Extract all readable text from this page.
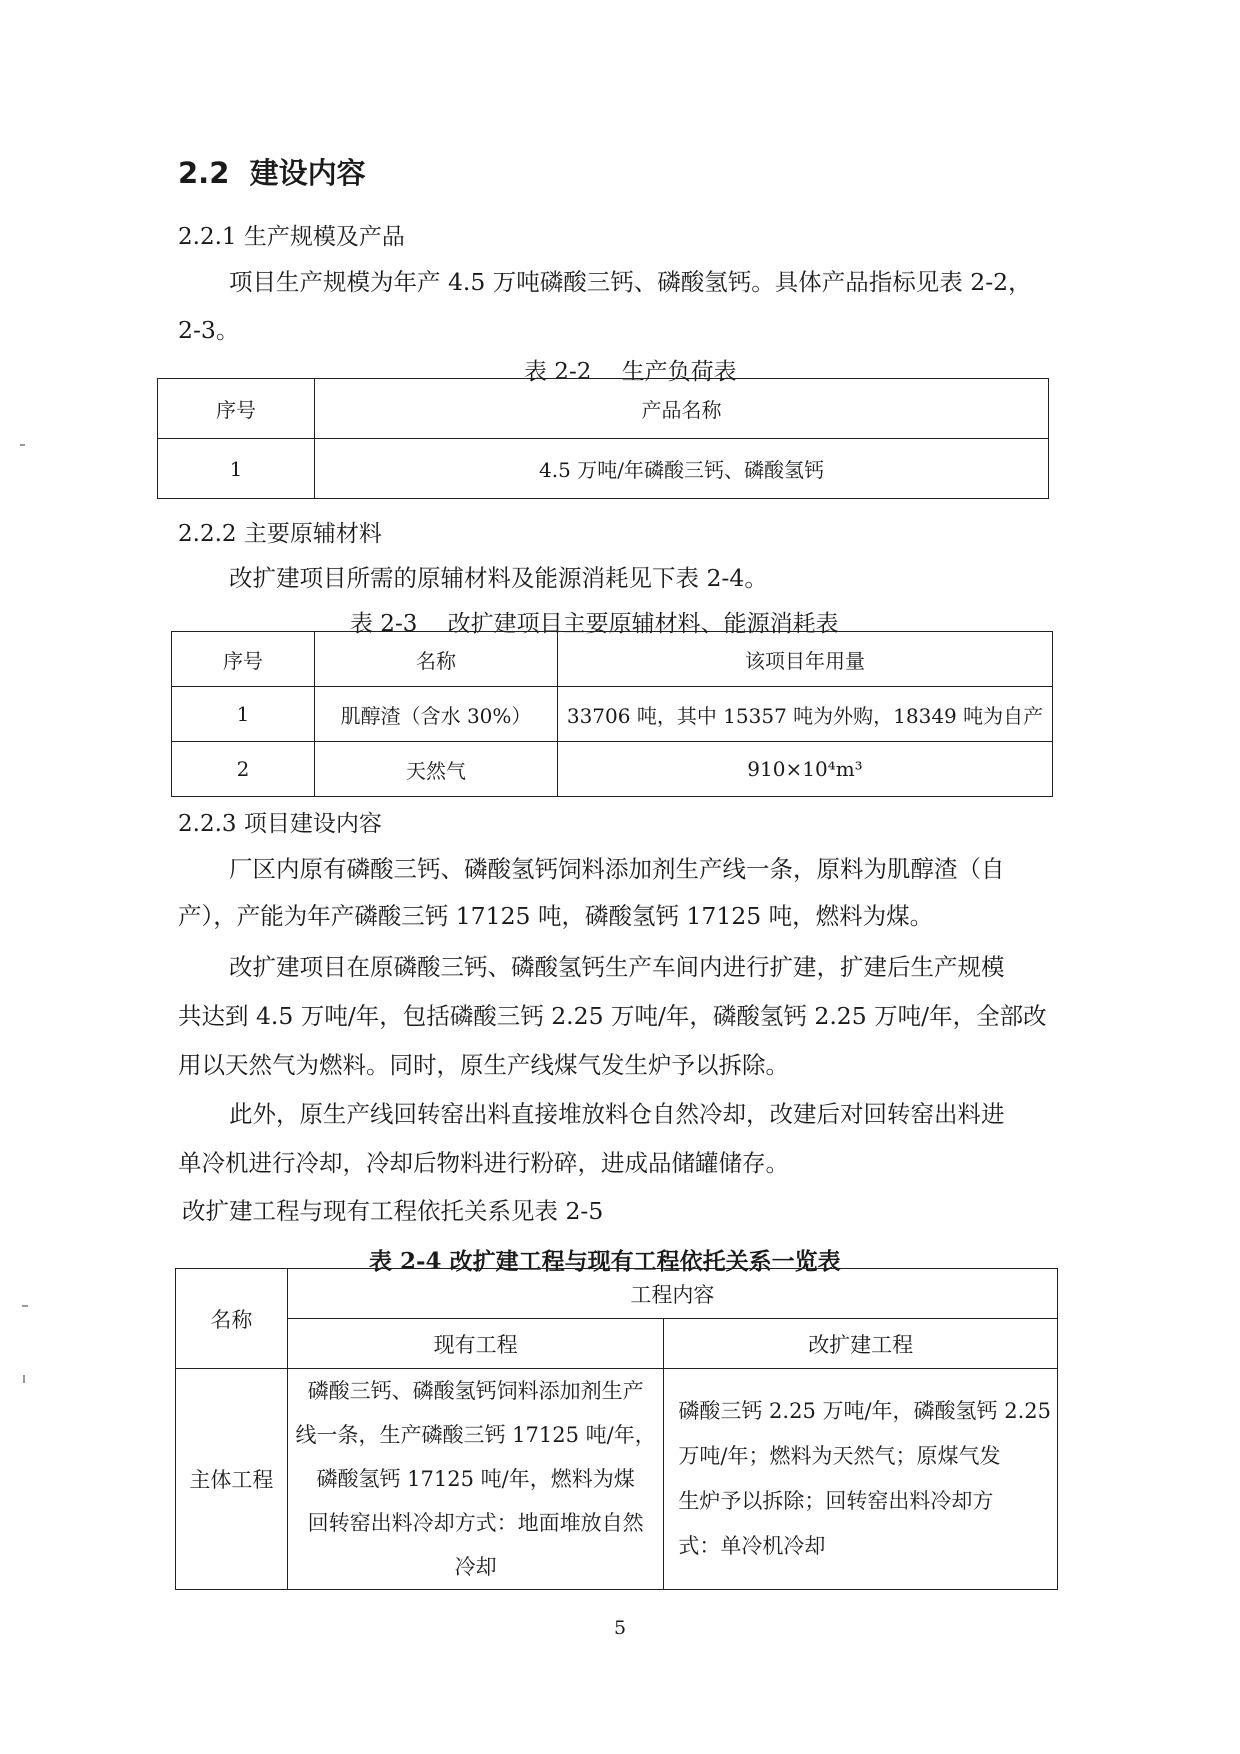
2.2 建设内容
2.2.1 生产规模及产品
项目生产规模为年产 4.5 万吨磷酸三钙、磷酸氢钙。具体产品指标见表 2-2，
2-3。
表 2-2　 生产负荷表
序号	产品名称
1	4.5 万吨/年磷酸三钙、磷酸氢钙
2.2.2 主要原辅材料
改扩建项目所需的原辅材料及能源消耗见下表 2-4。
表 2-3　 改扩建项目主要原辅材料、能源消耗表
序号	名称	该项目年用量
1	肌醇渣（含水 30%）	33706 吨，其中 15357 吨为外购，18349 吨为自产
2	天然气	910×10⁴m³
2.2.3 项目建设内容
厂区内原有磷酸三钙、磷酸氢钙饲料添加剂生产线一条，原料为肌醇渣（自
产），产能为年产磷酸三钙 17125 吨，磷酸氢钙 17125 吨，燃料为煤。
改扩建项目在原磷酸三钙、磷酸氢钙生产车间内进行扩建，扩建后生产规模
共达到 4.5 万吨/年，包括磷酸三钙 2.25 万吨/年，磷酸氢钙 2.25 万吨/年，全部改
用以天然气为燃料。同时，原生产线煤气发生炉予以拆除。
此外，原生产线回转窑出料直接堆放料仓自然冷却，改建后对回转窑出料进
单冷机进行冷却，冷却后物料进行粉碎，进成品储罐储存。
改扩建工程与现有工程依托关系见表 2-5
表 2-4 改扩建工程与现有工程依托关系一览表
名称	工程内容	
	现有工程	改扩建工程
主体工程	磷酸三钙、磷酸氢钙饲料添加剂生产
线一条，生产磷酸三钙 17125 吨/年，
磷酸氢钙 17125 吨/年，燃料为煤
回转窑出料冷却方式：地面堆放自然
冷却	磷酸三钙 2.25 万吨/年，磷酸氢钙 2.25
万吨/年；燃料为天然气；原煤气发
生炉予以拆除；回转窑出料冷却方
式：单冷机冷却
5
